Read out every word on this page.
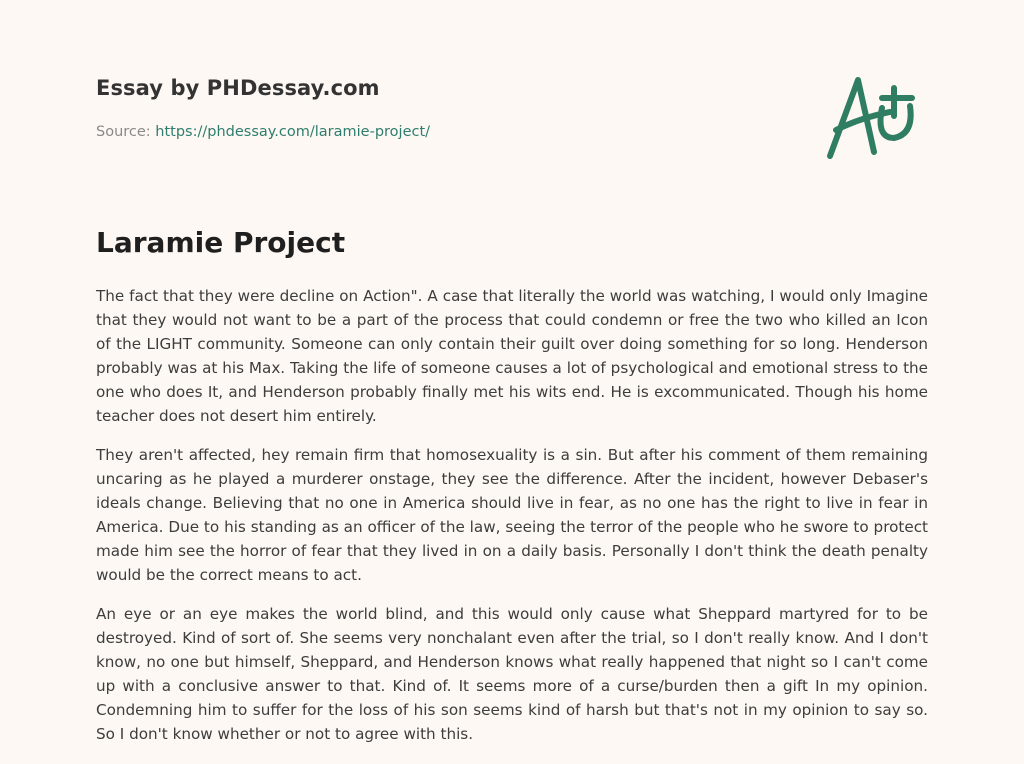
Essay by PHDessay.com
Source: https://phdessay.com/laramie-project/
Laramie Project

The fact that they were decline on Action". A case that literally the world was watching, I would only Imagine that they would not want to be a part of the process that could condemn or free the two who killed an Icon of the LIGHT community. Someone can only contain their guilt over doing something for so long. Henderson probably was at his Max. Taking the life of someone causes a lot of psychological and emotional stress to the one who does It, and Henderson probably finally met his wits end. He is excommunicated. Though his home teacher does not desert him entirely.

They aren't affected, hey remain firm that homosexuality is a sin. But after his comment of them remaining uncaring as he played a murderer onstage, they see the difference. After the incident, however Debaser's ideals change. Believing that no one in America should live in fear, as no one has the right to live in fear in America. Due to his standing as an officer of the law, seeing the terror of the people who he swore to protect made him see the horror of fear that they lived in on a daily basis. Personally I don't think the death penalty would be the correct means to act.

An eye or an eye makes the world blind, and this would only cause what Sheppard martyred for to be destroyed. Kind of sort of. She seems very nonchalant even after the trial, so I don't really know. And I don't know, no one but himself, Sheppard, and Henderson knows what really happened that night so I can't come up with a conclusive answer to that. Kind of. It seems more of a curse/burden then a gift In my opinion. Condemning him to suffer for the loss of his son seems kind of harsh but that's not in my opinion to say so. So I don't know whether or not to agree with this.
